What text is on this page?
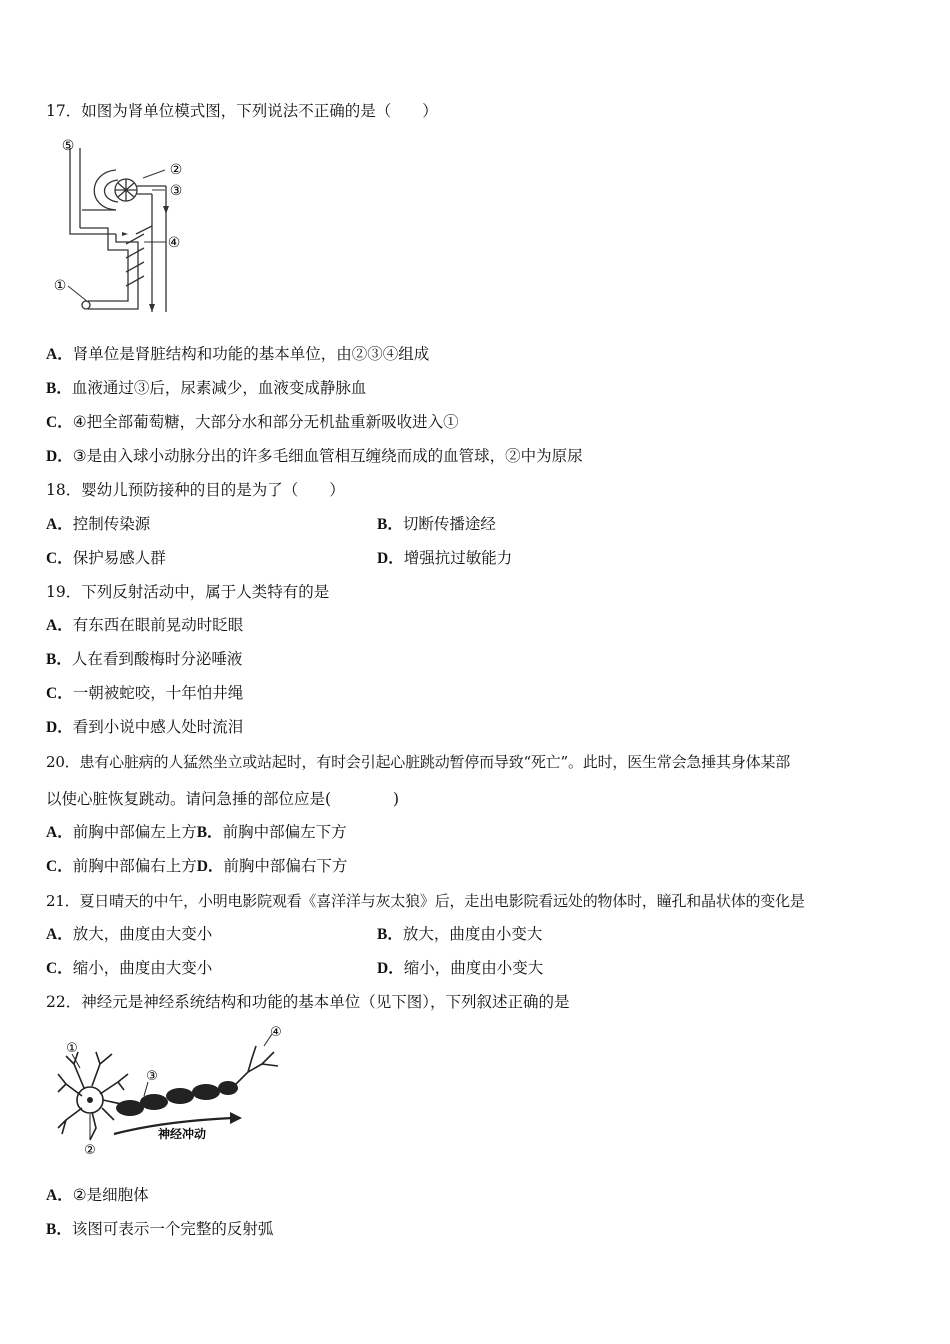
17．如图为肾单位模式图，下列说法不正确的是（　　）
⑤
②
③
④
①
A．肾单位是肾脏结构和功能的基本单位，由②③④组成
B．血液通过③后，尿素减少，血液变成静脉血
C．④把全部葡萄糖，大部分水和部分无机盐重新吸收进入①
D．③是由入球小动脉分出的许多毛细血管相互缠绕而成的血管球，②中为原尿
18．婴幼儿预防接种的目的是为了（　　）
A．控制传染源	B．切断传播途经
C．保护易感人群	D．增强抗过敏能力
19．下列反射活动中，属于人类特有的是
A．有东西在眼前晃动时眨眼
B．人在看到酸梅时分泌唾液
C．一朝被蛇咬，十年怕井绳
D．看到小说中感人处时流泪
20．患有心脏病的人猛然坐立或站起时，有时会引起心脏跳动暂停而导致“死亡”。此时，医生常会急捶其身体某部
以使心脏恢复跳动。请问急捶的部位应是(　　　　)
A．前胸中部偏左上方B．前胸中部偏左下方
C．前胸中部偏右上方D．前胸中部偏右下方
21．夏日晴天的中午，小明电影院观看《喜洋洋与灰太狼》后，走出电影院看远处的物体时，瞳孔和晶状体的变化是
A．放大，曲度由大变小	B．放大，曲度由小变大
C．缩小，曲度由大变小	D．缩小，曲度由小变大
22．神经元是神经系统结构和功能的基本单位（见下图），下列叙述正确的是
①
②
③
④
神经冲动
A．②是细胞体
B．该图可表示一个完整的反射弧
